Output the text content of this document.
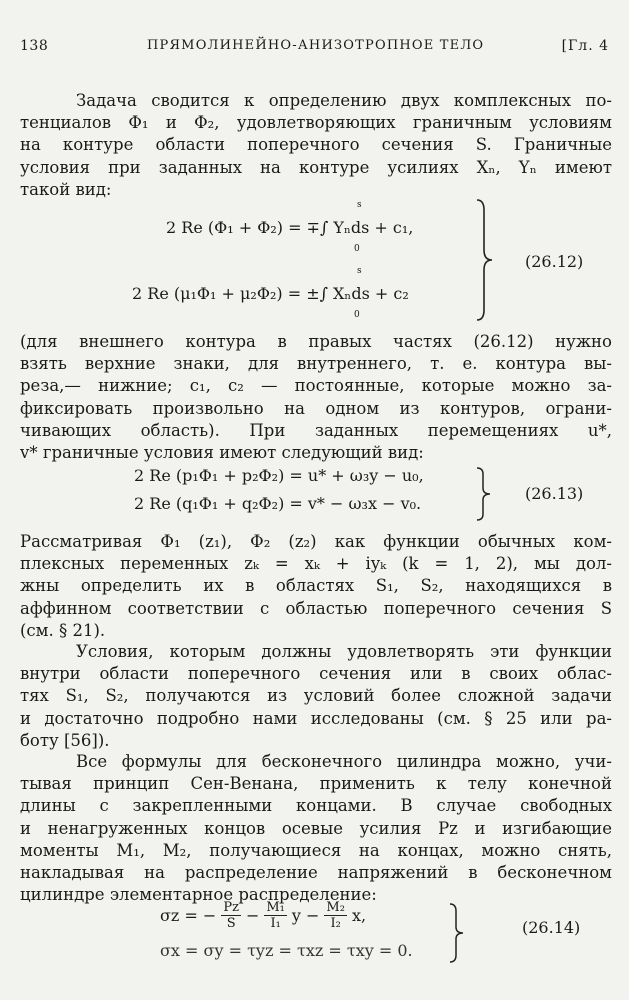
138	ПРЯМОЛИНЕЙНО-АНИЗОТРОПНОЕ ТЕЛО	[Гл. 4
Задача сводится к определению двух комплексных по-
тенциалов Φ₁ и Φ₂, удовлетворяющих граничным условиям
на контуре области поперечного сечения S. Граничные
условия при заданных на контуре усилиях Xₙ, Yₙ имеют
такой вид:
2 Re (Φ₁ + Φ₂) = ∓∫ Yₙds + c₁,
s
0
2 Re (μ₁Φ₁ + μ₂Φ₂) = ±∫ Xₙds + c₂
s
0
(26.12)
(для внешнего контура в правых частях (26.12) нужно
взять верхние знаки, для внутреннего, т. е. контура вы-
реза,— нижние; c₁, c₂ — постоянные, которые можно за-
фиксировать произвольно на одном из контуров, ограни-
чивающих область). При заданных перемещениях u*,
v* граничные условия имеют следующий вид:
2 Re (p₁Φ₁ + p₂Φ₂) = u* + ω₃y − u₀,
2 Re (q₁Φ₁ + q₂Φ₂) = v* − ω₃x − v₀.
(26.13)
Рассматривая Φ₁ (z₁), Φ₂ (z₂) как функции обычных ком-
плексных переменных zₖ = xₖ + iyₖ (k = 1, 2), мы дол-
жны определить их в областях S₁, S₂, находящихся в
аффинном соответствии с областью поперечного сечения S
(см. § 21).
Условия, которым должны удовлетворять эти функции
внутри области поперечного сечения или в своих облас-
тях S₁, S₂, получаются из условий более сложной задачи
и достаточно подробно нами исследованы (см. § 25 или ра-
боту [56]).
Все формулы для бесконечного цилиндра можно, учи-
тывая принцип Сен-Венана, применить к телу конечной
длины с закрепленными концами. В случае свободных
и ненагруженных концов осевые усилия Pz и изгибающие
моменты M₁, M₂, получающиеся на концах, можно снять,
накладывая на распределение напряжений в бесконечном
цилиндре элементарное распределение:
σz = − $\frac{Pz}{S} - \frac{\text{M₁}}{\text{I₁}}$ $y - \frac{\text{M₂}}{\text{I₂}} x$,
σx = σy = τyz = τxz = τxy = 0.
(26.14)
